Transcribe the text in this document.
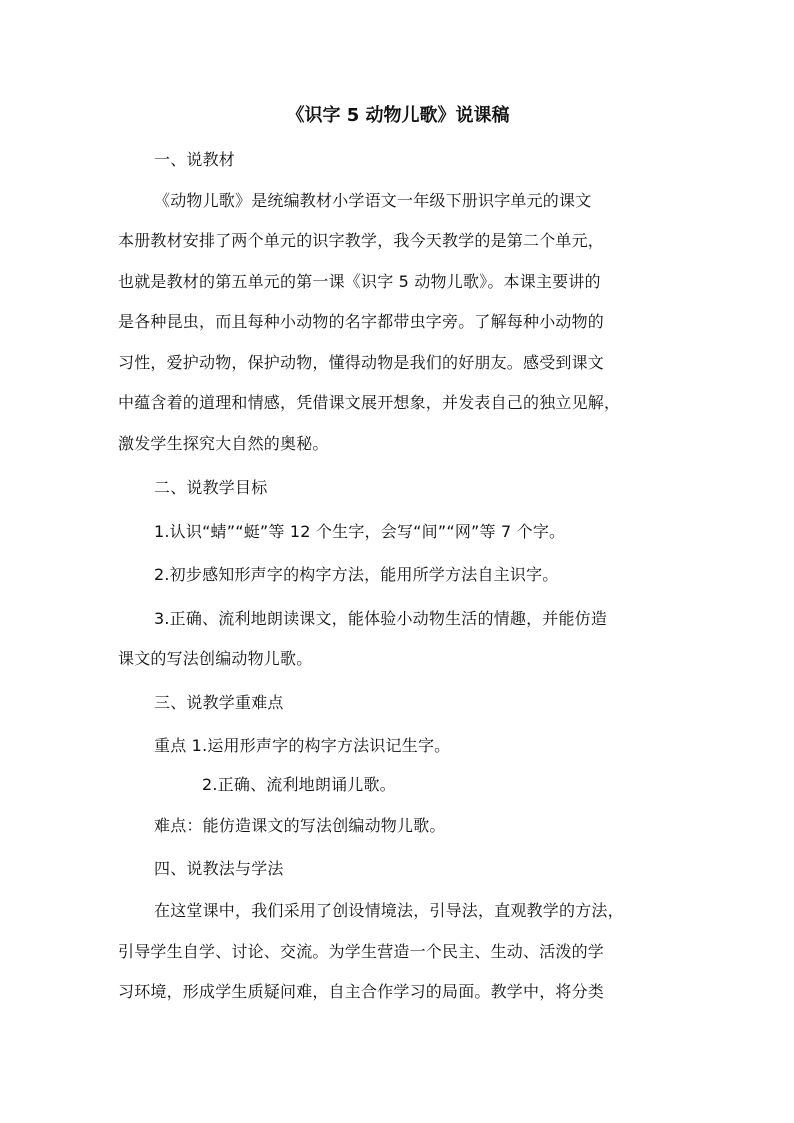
《识字 5 动物儿歌》说课稿
一、说教材
《动物儿歌》是统编教材小学语文一年级下册识字单元的课文
本册教材安排了两个单元的识字教学，我今天教学的是第二个单元，
也就是教材的第五单元的第一课《识字 5 动物儿歌》。本课主要讲的
是各种昆虫，而且每种小动物的名字都带虫字旁。了解每种小动物的
习性，爱护动物，保护动物，懂得动物是我们的好朋友。感受到课文
中蕴含着的道理和情感，凭借课文展开想象，并发表自己的独立见解，
激发学生探究大自然的奥秘。
二、说教学目标
1.认识“蜻”“蜓”等 12 个生字，会写“间”“网”等 7 个字。
2.初步感知形声字的构字方法，能用所学方法自主识字。
3.正确、流利地朗读课文，能体验小动物生活的情趣，并能仿造
课文的写法创编动物儿歌。
三、说教学重难点
重点 1.运用形声字的构字方法识记生字。
2.正确、流利地朗诵儿歌。
难点：能仿造课文的写法创编动物儿歌。
四、说教法与学法
在这堂课中，我们采用了创设情境法，引导法，直观教学的方法，
引导学生自学、讨论、交流。为学生营造一个民主、生动、活泼的学
习环境，形成学生质疑问难，自主合作学习的局面。教学中，将分类
